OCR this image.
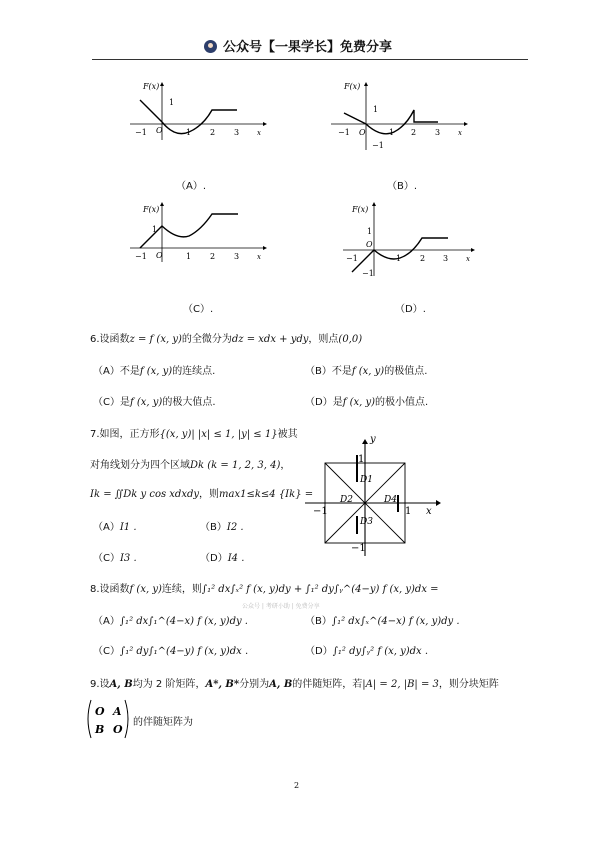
公众号【一果学长】免费分享
F(x)
1
−1 O	1 2 3	x
（A）.
F(x)
1
−1 O
−1
1 2 3	x
（B）.
F(x)
1
−1 O	1 2 3	x
（C）.
F(x)
1
−1
O
−1
1 2 3	x
（D）.
6.设函数z = f (x, y)的全微分为dz = xdx + ydy，则点(0,0)
（A）不是f (x, y)的连续点.	（B）不是f (x, y)的极值点.
（C）是f (x, y)的极大值点.	（D）是f (x, y)的极小值点.
7.如图，正方形{(x, y)| |x| ≤ 1, |y| ≤ 1}被其
对角线划分为四个区域Dk (k = 1, 2, 3, 4)，
Ik = ∬Dk y cos xdxdy，则max1≤k≤4 {Ik} =
（A）I1 .	（B）I2 .
（C）I3 .	（D）I4 .
y
x
1
1
−1
−1
D1
D2	D4
D3
8.设函数f (x, y)连续，则∫₁² dx∫ₓ² f (x, y)dy + ∫₁² dy∫ᵧ^(4−y) f (x, y)dx =
公众号 | 考研小助 | 免费分享
（A）∫₁² dx∫₁^(4−x) f (x, y)dy .	（B）∫₁² dx∫ₓ^(4−x) f (x, y)dy .
（C）∫₁² dy∫₁^(4−y) f (x, y)dx .	（D）∫₁² dy∫ᵧ² f (x, y)dx .
9.设A, B均为 2 阶矩阵，A*, B*分别为A, B的伴随矩阵，若|A| = 2, |B| = 3，则分块矩阵
O A
B O
的伴随矩阵为
2
